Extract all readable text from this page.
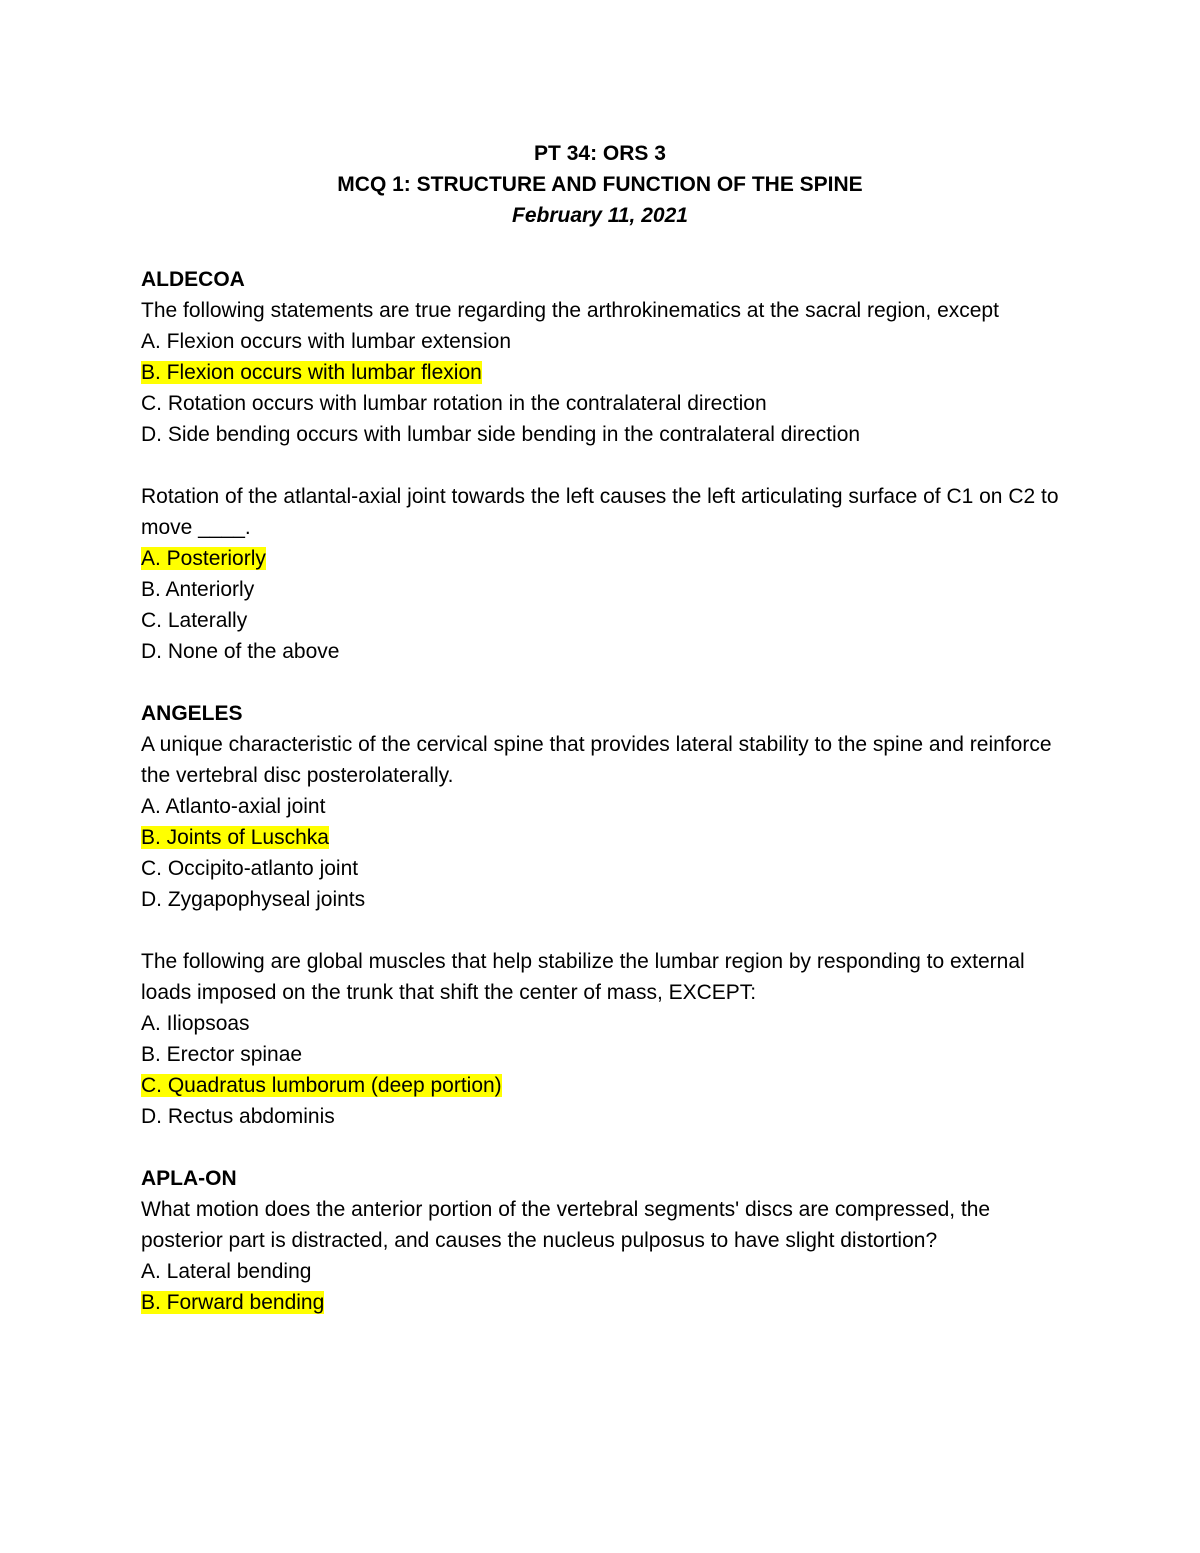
PT 34: ORS 3
MCQ 1: STRUCTURE AND FUNCTION OF THE SPINE
February 11, 2021
ALDECOA
The following statements are true regarding the arthrokinematics at the sacral region, except
A. Flexion occurs with lumbar extension
B. Flexion occurs with lumbar flexion
C. Rotation occurs with lumbar rotation in the contralateral direction
D. Side bending occurs with lumbar side bending in the contralateral direction
Rotation of the atlantal-axial joint towards the left causes the left articulating surface of C1 on C2 to move ____.
A. Posteriorly
B. Anteriorly
C. Laterally
D. None of the above
ANGELES
A unique characteristic of the cervical spine that provides lateral stability to the spine and reinforce the vertebral disc posterolaterally.
A. Atlanto-axial joint
B. Joints of Luschka
C. Occipito-atlanto joint
D. Zygapophyseal joints
The following are global muscles that help stabilize the lumbar region by responding to external loads imposed on the trunk that shift the center of mass, EXCEPT:
A. Iliopsoas
B. Erector spinae
C. Quadratus lumborum (deep portion)
D. Rectus abdominis
APLA-ON
What motion does the anterior portion of the vertebral segments' discs are compressed, the posterior part is distracted, and causes the nucleus pulposus to have slight distortion?
A. Lateral bending
B. Forward bending
